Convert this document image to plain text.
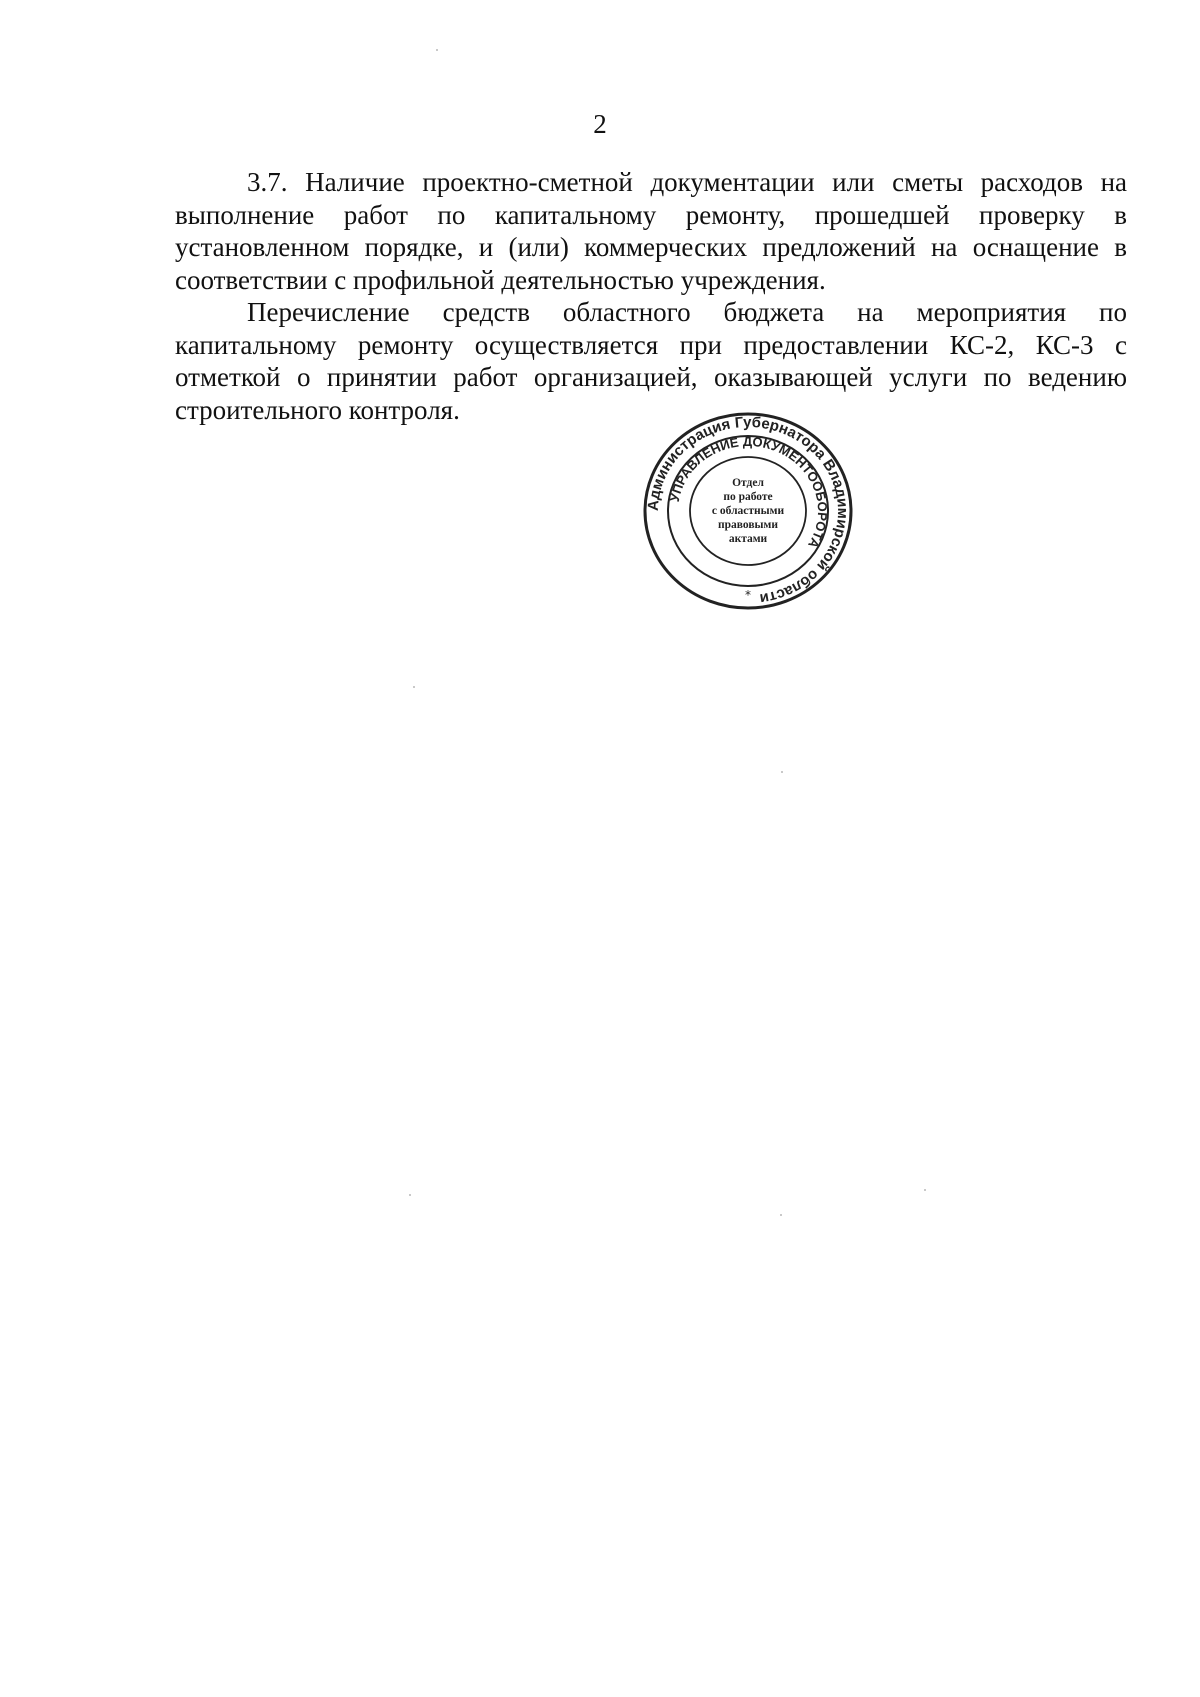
2

3.7. Наличие проектно-сметной документации или сметы расходов на выполнение работ по капитальному ремонту, прошедшей проверку в установленном порядке, и (или) коммерческих предложений на оснащение в соответствии с профильной деятельностью учреждения.

Перечисление средств областного бюджета на мероприятия по капитальному ремонту осуществляется при предоставлении КС-2, КС-3 с отметкой о принятии работ организацией, оказывающей услуги по ведению строительного контроля.

Администрация Губернатора Владимирской области
УПРАВЛЕНИЕ ДОКУМЕНТООБОРОТА
Отдел
по работе
с областными
правовыми
актами
*
